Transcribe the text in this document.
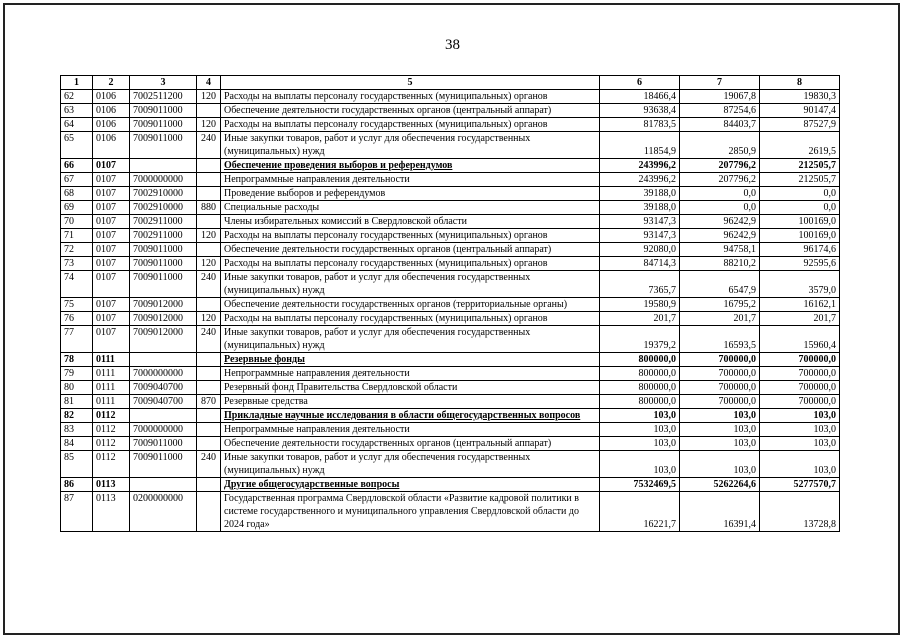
38
1	2	3	4	5	6	7	8
62	0106	7002511200	120	Расходы на выплаты персоналу государственных (муниципальных) органов	18466,4	19067,8	19830,3
63	0106	7009011000		Обеспечение деятельности государственных органов (центральный аппарат)	93638,4	87254,6	90147,4
64	0106	7009011000	120	Расходы на выплаты персоналу государственных (муниципальных) органов	81783,5	84403,7	87527,9
65	0106	7009011000	240	Иные закупки товаров, работ и услуг для обеспечения государственных (муниципальных) нужд	11854,9	2850,9	2619,5
66	0107			Обеспечение проведения выборов и референдумов	243996,2	207796,2	212505,7
67	0107	7000000000		Непрограммные направления деятельности	243996,2	207796,2	212505,7
68	0107	7002910000		Проведение выборов и референдумов	39188,0	0,0	0,0
69	0107	7002910000	880	Специальные расходы	39188,0	0,0	0,0
70	0107	7002911000		Члены избирательных комиссий в Свердловской области	93147,3	96242,9	100169,0
71	0107	7002911000	120	Расходы на выплаты персоналу государственных (муниципальных) органов	93147,3	96242,9	100169,0
72	0107	7009011000		Обеспечение деятельности государственных органов (центральный аппарат)	92080,0	94758,1	96174,6
73	0107	7009011000	120	Расходы на выплаты персоналу государственных (муниципальных) органов	84714,3	88210,2	92595,6
74	0107	7009011000	240	Иные закупки товаров, работ и услуг для обеспечения государственных (муниципальных) нужд	7365,7	6547,9	3579,0
75	0107	7009012000		Обеспечение деятельности государственных органов (территориальные органы)	19580,9	16795,2	16162,1
76	0107	7009012000	120	Расходы на выплаты персоналу государственных (муниципальных) органов	201,7	201,7	201,7
77	0107	7009012000	240	Иные закупки товаров, работ и услуг для обеспечения государственных (муниципальных) нужд	19379,2	16593,5	15960,4
78	0111			Резервные фонды	800000,0	700000,0	700000,0
79	0111	7000000000		Непрограммные направления деятельности	800000,0	700000,0	700000,0
80	0111	7009040700		Резервный фонд Правительства Свердловской области	800000,0	700000,0	700000,0
81	0111	7009040700	870	Резервные средства	800000,0	700000,0	700000,0
82	0112			Прикладные научные исследования в области общегосударственных вопросов	103,0	103,0	103,0
83	0112	7000000000		Непрограммные направления деятельности	103,0	103,0	103,0
84	0112	7009011000		Обеспечение деятельности государственных органов (центральный аппарат)	103,0	103,0	103,0
85	0112	7009011000	240	Иные закупки товаров, работ и услуг для обеспечения государственных (муниципальных) нужд	103,0	103,0	103,0
86	0113			Другие общегосударственные вопросы	7532469,5	5262264,6	5277570,7
87	0113	0200000000		Государственная программа Свердловской области «Развитие кадровой политики в системе государственного и муниципального управления Свердловской области до 2024 года»	16221,7	16391,4	13728,8
